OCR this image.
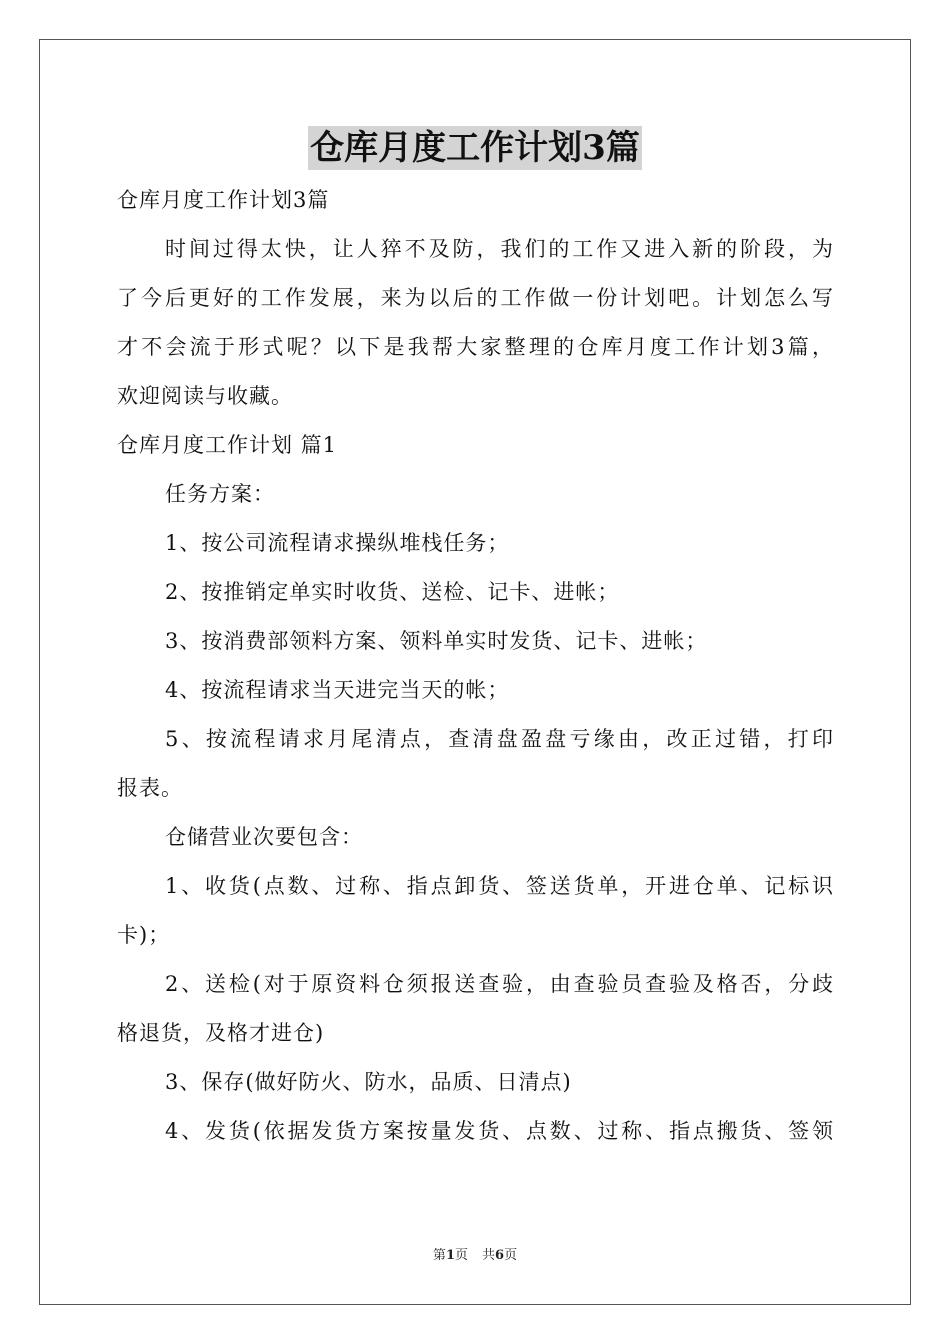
仓库月度工作计划3篇
仓库月度工作计划3篇
时间过得太快，让人猝不及防，我们的工作又进入新的阶段，为
了今后更好的工作发展，来为以后的工作做一份计划吧。计划怎么写
才不会流于形式呢？以下是我帮大家整理的仓库月度工作计划3篇，
欢迎阅读与收藏。
仓库月度工作计划 篇1
任务方案：
1、按公司流程请求操纵堆栈任务；
2、按推销定单实时收货、送检、记卡、进帐；
3、按消费部领料方案、领料单实时发货、记卡、进帐；
4、按流程请求当天进完当天的帐；
5、按流程请求月尾清点，查清盘盈盘亏缘由，改正过错，打印
报表。
仓储营业次要包含：
1、收货(点数、过称、指点卸货、签送货单，开进仓单、记标识
卡)；
2、送检(对于原资料仓须报送查验，由查验员查验及格否，分歧
格退货，及格才进仓)
3、保存(做好防火、防水，品质、日清点)
4、发货(依据发货方案按量发货、点数、过称、指点搬货、签领
第1页 共6页
